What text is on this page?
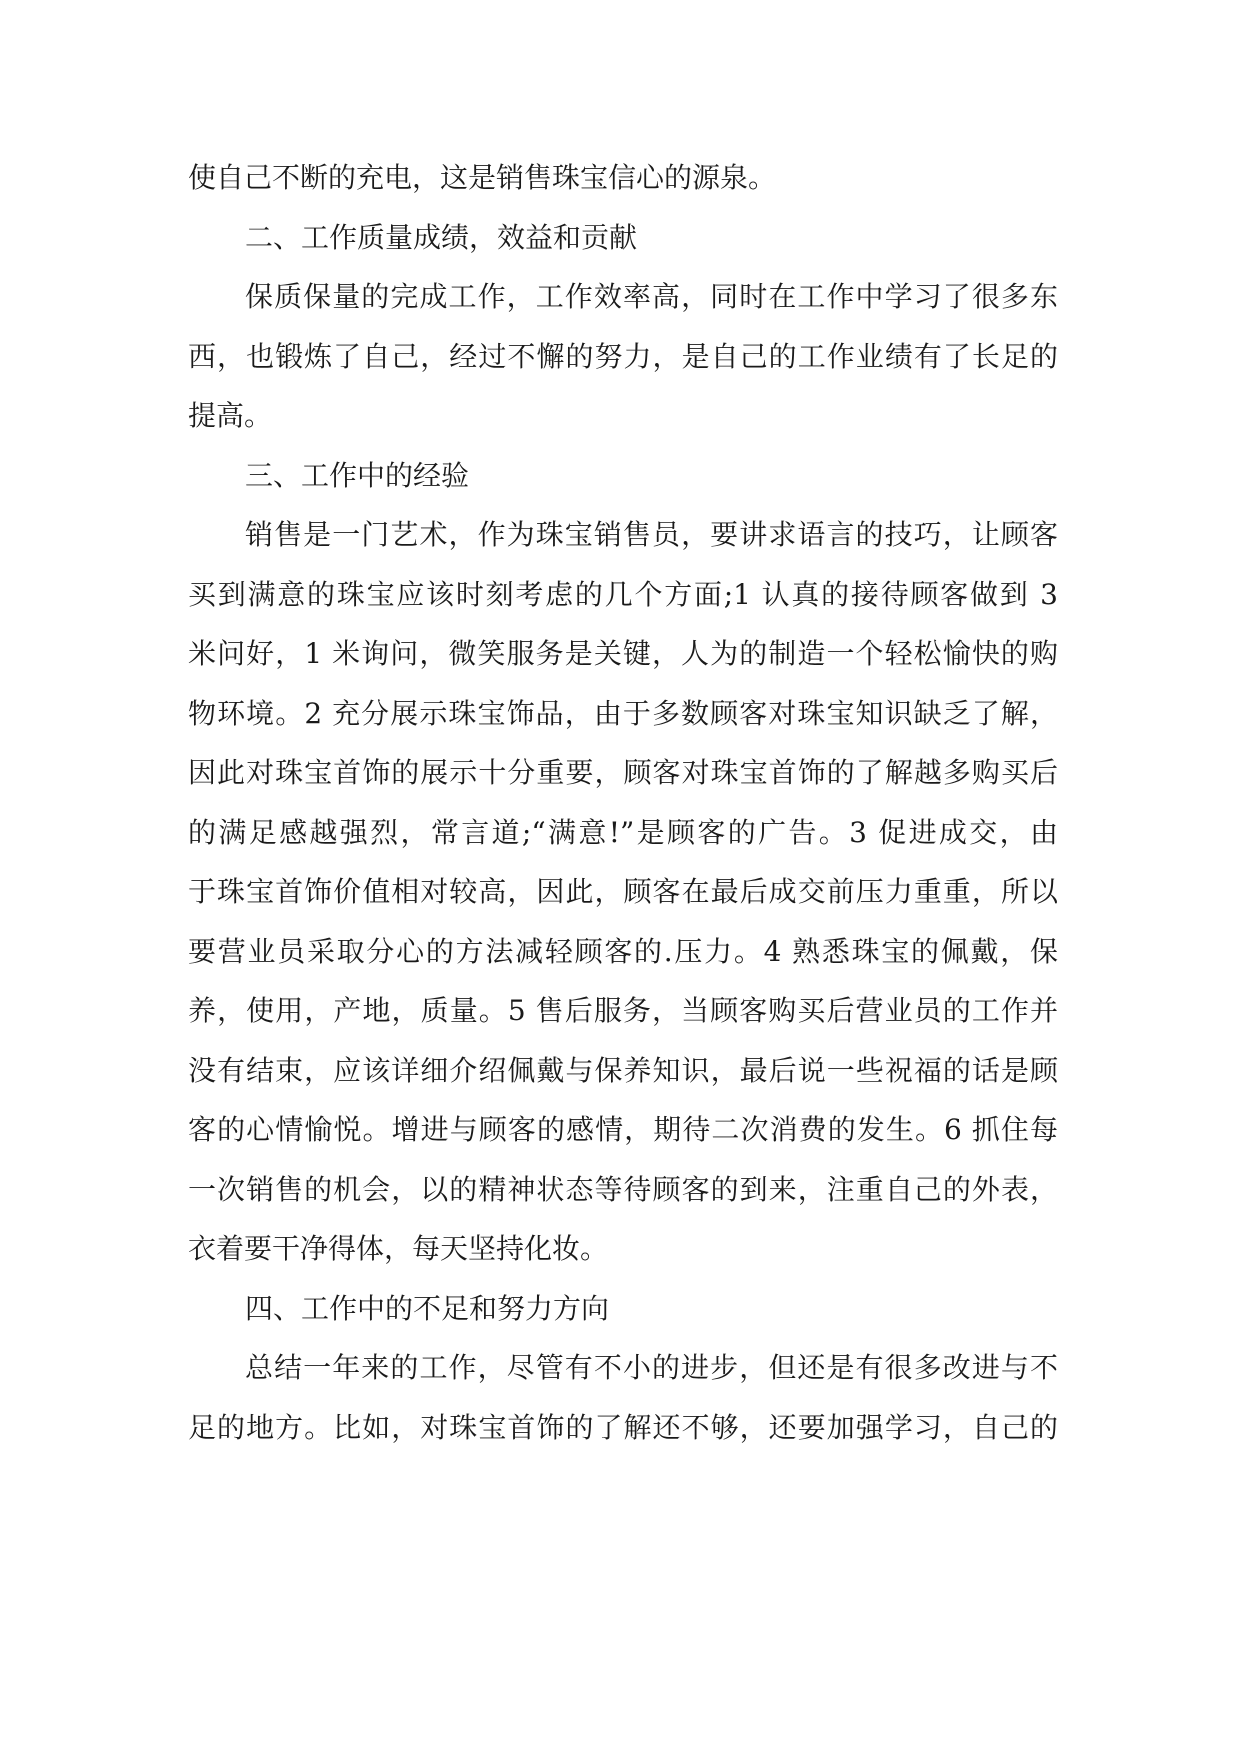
使自己不断的充电，这是销售珠宝信心的源泉。
二、工作质量成绩，效益和贡献
保质保量的完成工作，工作效率高，同时在工作中学习了很多东
西，也锻炼了自己，经过不懈的努力，是自己的工作业绩有了长足的
提高。
三、工作中的经验
销售是一门艺术，作为珠宝销售员，要讲求语言的技巧，让顾客
买到满意的珠宝应该时刻考虑的几个方面;1 认真的接待顾客做到 3
米问好，1 米询问，微笑服务是关键，人为的制造一个轻松愉快的购
物环境。2 充分展示珠宝饰品，由于多数顾客对珠宝知识缺乏了解，
因此对珠宝首饰的展示十分重要，顾客对珠宝首饰的了解越多购买后
的满足感越强烈，常言道;“满意!”是顾客的广告。3 促进成交，由
于珠宝首饰价值相对较高，因此，顾客在最后成交前压力重重，所以
要营业员采取分心的方法减轻顾客的.压力。4 熟悉珠宝的佩戴，保
养，使用，产地，质量。5 售后服务，当顾客购买后营业员的工作并
没有结束，应该详细介绍佩戴与保养知识，最后说一些祝福的话是顾
客的心情愉悦。增进与顾客的感情，期待二次消费的发生。6 抓住每
一次销售的机会，以的精神状态等待顾客的到来，注重自己的外表，
衣着要干净得体，每天坚持化妆。
四、工作中的不足和努力方向
总结一年来的工作，尽管有不小的进步，但还是有很多改进与不
足的地方。比如，对珠宝首饰的了解还不够，还要加强学习，自己的
